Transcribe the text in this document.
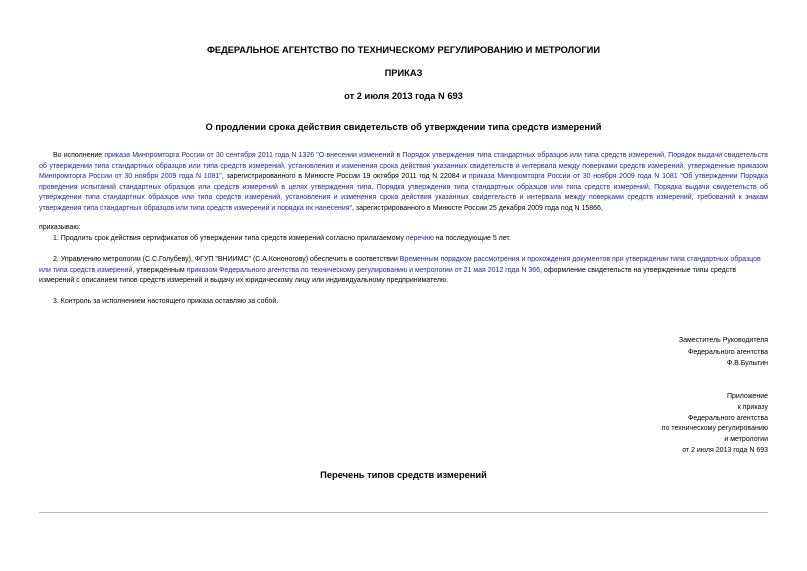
ФЕДЕРАЛЬНОЕ АГЕНТСТВО ПО ТЕХНИЧЕСКОМУ РЕГУЛИРОВАНИЮ И МЕТРОЛОГИИ
ПРИКАЗ
от 2 июля 2013 года N 693
О продлении срока действия свидетельств об утверждении типа средств измерений
Во исполнение приказа Минпромторга России от 30 сентября 2011 года N 1326 "О внесении изменений в Порядок утверждения типа стандартных образцов или типа средств измерений, Порядок выдачи свидетельств об утверждении типа стандартных образцов или типа средств измерений, установления и изменения срока действия указанных свидетельств и интервала между поверками средств измерений, утвержденные приказом Минпромторга России от 30 ноября 2009 года N 1081", зарегистрированного в Минюсте России 19 октября 2011 год N 22084 и приказа Минпромторга России от 30 ноября 2009 года N 1081 "Об утверждении Порядка проведения испытаний стандартных образцов или средств измерений в целях утверждения типа, Порядка утверждения типа стандартных образцов или типа средств измерений, Порядка выдачи свидетельств об утверждении типа стандартных образцов или типа средств измерений, установления и изменения срока действия указанных свидетельств и интервала между поверками средств измерений, требований к знакам утверждения типа стандартных образцов или типа средств измерений и порядка их нанесения", зарегистрированного в Минюсте России 25 декабря 2009 года под N 15866,
приказываю:
1. Продлить срок действия сертификатов об утверждении типа средств измерений согласно прилагаемому перечню на последующие 5 лет.
2. Управлению метрологии (С.С.Голубеву), ФГУП "ВНИИМС" (С.А.Кононогову) обеспечить в соответствии Временным порядком рассмотрения и прохождения документов при утверждении типа стандартных образцов или типа средств измерений, утвержденным приказом Федерального агентства по техническому регулированию и метрологии от 21 мая 2012 года N 366, оформление свидетельств на утвержденные типы средств измерений с описанием типов средств измерений и выдачу их юридическому лицу или индивидуальному предпринимателю.
3. Контроль за исполнением настоящего приказа оставляю за собой.
Заместитель Руководителя
Федерального агентства
Ф.В.Булыгин
Приложение
к приказу
Федерального агентства
по техническому регулированию
и метрологии
от 2 июля 2013 года N 693
Перечень типов средств измерений
